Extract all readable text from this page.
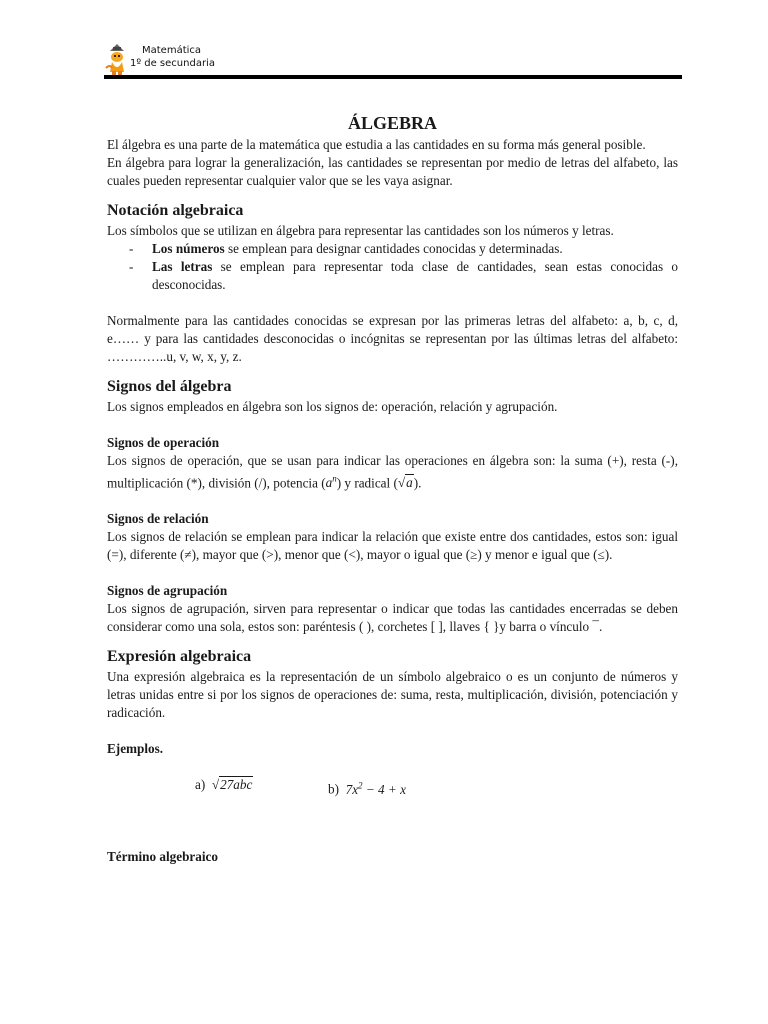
Matemática
1º de secundaria
ÁLGEBRA

El álgebra es una parte de la matemática que estudia a las cantidades en su forma más general posible.

En álgebra para lograr la generalización, las cantidades se representan por medio de letras del alfabeto, las cuales pueden representar cualquier valor que se les vaya asignar.

Notación algebraica

Los símbolos que se utilizan en álgebra para representar las cantidades son los números y letras.

- Los números se emplean para designar cantidades conocidas y determinadas.
- Las letras se emplean para representar toda clase de cantidades, sean estas conocidas o desconocidas.

Normalmente para las cantidades conocidas se expresan por las primeras letras del alfabeto: a, b, c, d, e…… y para las cantidades desconocidas o incógnitas se representan por las últimas letras del alfabeto: …………..u, v, w, x, y, z.

Signos del álgebra

Los signos empleados en álgebra son los signos de: operación, relación y agrupación.

Signos de operación

Los signos de operación, que se usan para indicar las operaciones en álgebra son: la suma (+), resta (-), multiplicación (*), división (/), potencia $(a^n)$ y radical (√a).

Signos de relación

Los signos de relación se emplean para indicar la relación que existe entre dos cantidades, estos son: igual (=), diferente (≠), mayor que (>), menor que (<), mayor o igual que (≥) y menor e igual que (≤).

Signos de agrupación

Los signos de agrupación, sirven para representar o indicar que todas las cantidades encerradas se deben considerar como una sola, estos son: paréntesis ( ), corchetes [ ], llaves { }y barra o vínculo ¯.

Expresión algebraica

Una expresión algebraica es la representación de un símbolo algebraico o es un conjunto de números y letras unidas entre si por los signos de operaciones de: suma, resta, multiplicación, división, potenciación y radicación.

Ejemplos.

a) √27abc	b) $7x^2 - 4 + x$
Término algebraico
